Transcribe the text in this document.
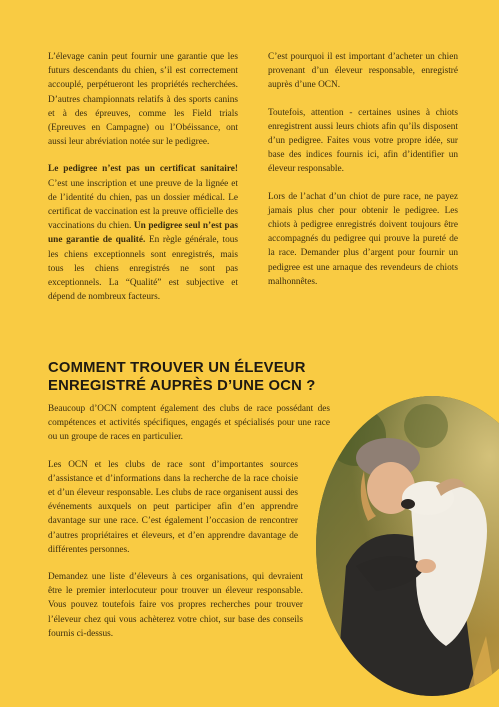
L’élevage canin peut fournir une garantie que les futurs descendants du chien, s’il est correctement accouplé, perpétueront les propriétés recherchées. D’autres championnats relatifs à des sports canins et à des épreuves, comme les Field trials (Epreuves en Campagne) ou l’Obéissance, ont aussi leur abréviation notée sur le pedigree.

Le pedigree n’est pas un certificat sanitaire! C’est une inscription et une preuve de la lignée et de l’identité du chien, pas un dossier médical. Le certificat de vaccination est la preuve officielle des vaccinations du chien. Un pedigree seul n’est pas une garantie de qualité. En règle générale, tous les chiens exceptionnels sont enregistrés, mais tous les chiens enregistrés ne sont pas exceptionnels. La “Qualité” est subjective et dépend de nombreux facteurs.

C’est pourquoi il est important d’acheter un chien provenant d’un éleveur responsable, enregistré auprès d’une OCN.

Toutefois, attention - certaines usines à chiots enregistrent aussi leurs chiots afin qu’ils disposent d’un pedigree. Faites vous votre propre idée, sur base des indices fournis ici, afin d’identifier un éleveur responsable.

Lors de l’achat d’un chiot de pure race, ne payez jamais plus cher pour obtenir le pedigree. Les chiots à pedigree enregistrés doivent toujours être accompagnés du pedigree qui prouve la pureté de la race. Demander plus d’argent pour fournir un pedigree est une arnaque des revendeurs de chiots malhonnêtes.

COMMENT TROUVER UN ÉLEVEUR
ENREGISTRÉ AUPRÈS D’UNE OCN ?

Beaucoup d’OCN comptent également des clubs de race possédant des compétences et activités spécifiques, engagés et spécialisés pour une race ou un groupe de races en particulier.

Les OCN et les clubs de race sont d’importantes sources d’assistance et d’informations dans la recherche de la race choisie et d’un éleveur responsable. Les clubs de race organisent aussi des événements auxquels on peut participer afin d’en apprendre davantage sur une race. C’est également l’occasion de rencontrer d’autres propriétaires et éleveurs, et d’en apprendre davantage de différentes personnes.

Demandez une liste d’éleveurs à ces organisations, qui devraient être le premier interlocuteur pour trouver un éleveur responsable. Vous pouvez toutefois faire vos propres recherches pour trouver l’éleveur chez qui vous achèterez votre chiot, sur base des conseils fournis ci-dessus.
